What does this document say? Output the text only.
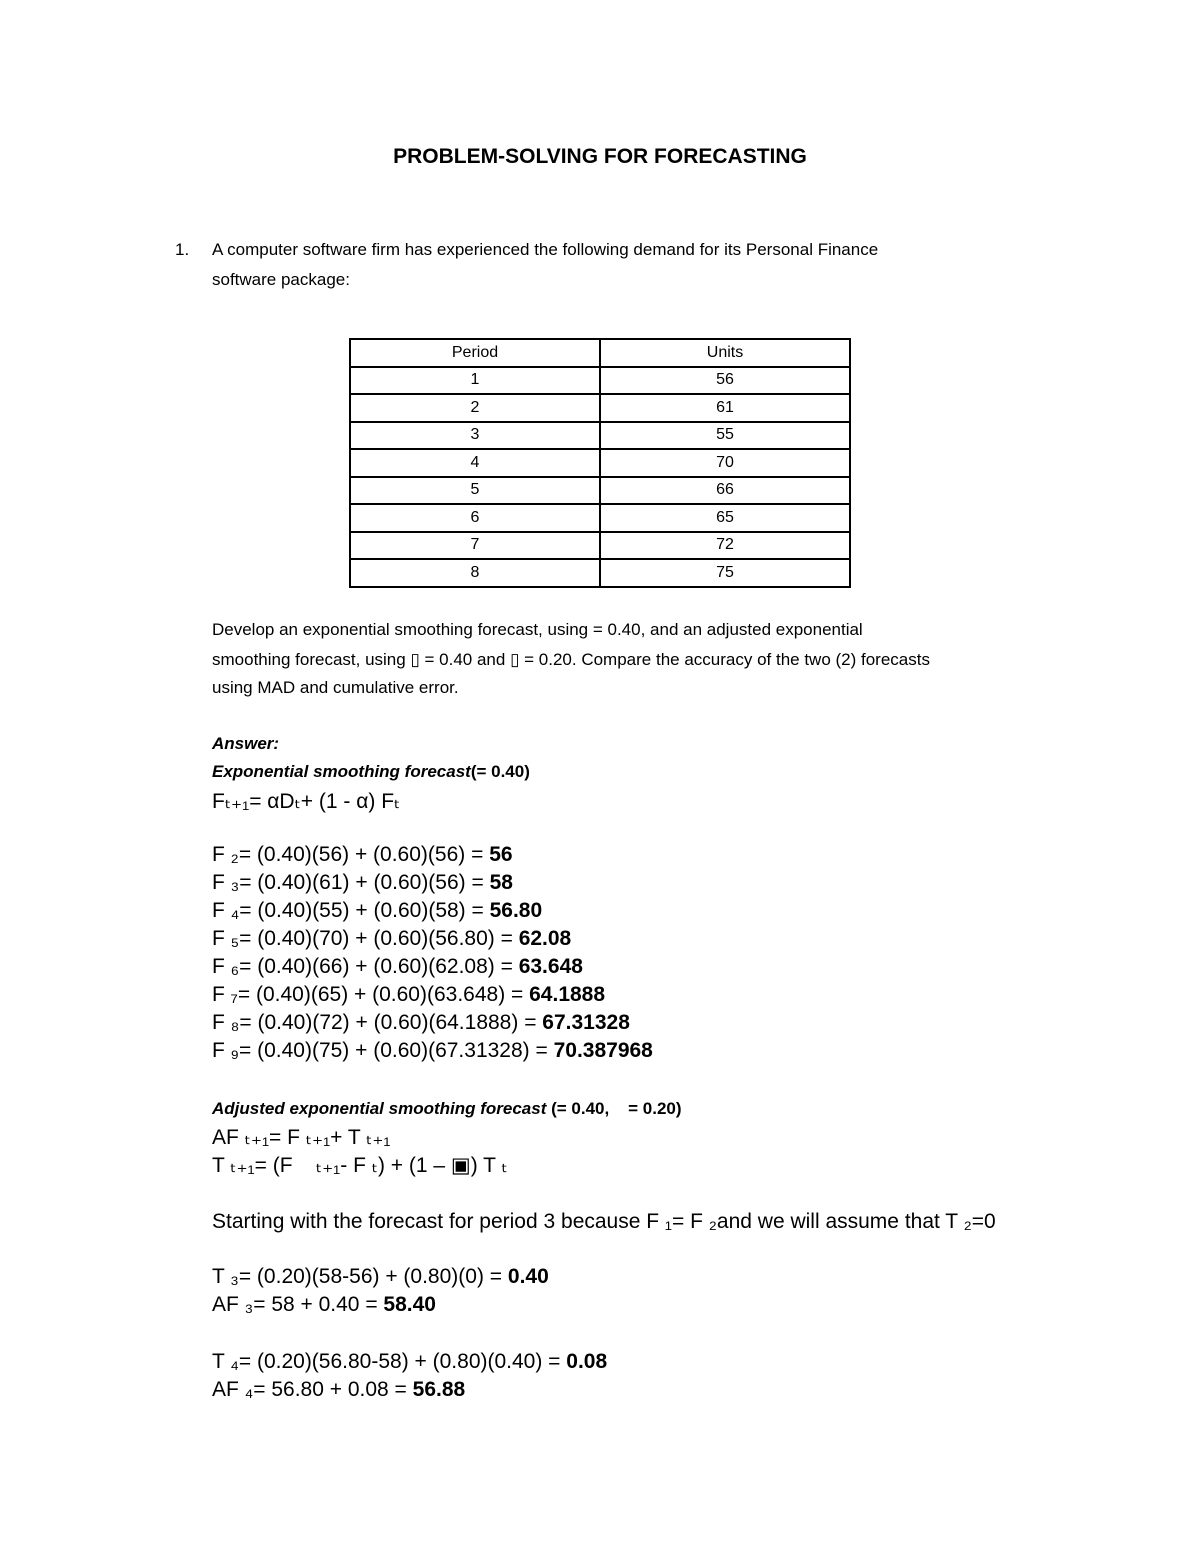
PROBLEM-SOLVING FOR FORECASTING
1. A computer software firm has experienced the following demand for its Personal Finance
software package:
Period	Units
1	56
2	61
3	55
4	70
5	66
6	65
7	72
8	75
Develop an exponential smoothing forecast, using = 0.40, and an adjusted exponential
smoothing forecast, using ▯ = 0.40 and ▯ = 0.20. Compare the accuracy of the two (2) forecasts
using MAD and cumulative error.
Answer:
Exponential smoothing forecast(= 0.40)
Fₜ₊₁= αDₜ+ (1 - α) Fₜ
F ₂= (0.40)(56) + (0.60)(56) = 56
F ₃= (0.40)(61) + (0.60)(56) = 58
F ₄= (0.40)(55) + (0.60)(58) = 56.80
F ₅= (0.40)(70) + (0.60)(56.80) = 62.08
F ₆= (0.40)(66) + (0.60)(62.08) = 63.648
F ₇= (0.40)(65) + (0.60)(63.648) = 64.1888
F ₈= (0.40)(72) + (0.60)(64.1888) = 67.31328
F ₉= (0.40)(75) + (0.60)(67.31328) = 70.387968
Adjusted exponential smoothing forecast (= 0.40,    = 0.20)
AF ₜ₊₁= F ₜ₊₁+ T ₜ₊₁
T ₜ₊₁= (F    ₜ₊₁- F ₜ) + (1 – ▣) T ₜ
Starting with the forecast for period 3 because F ₁= F ₂and we will assume that T ₂=0
T ₃= (0.20)(58-56) + (0.80)(0) = 0.40
AF ₃= 58 + 0.40 = 58.40
T ₄= (0.20)(56.80-58) + (0.80)(0.40) = 0.08
AF ₄= 56.80 + 0.08 = 56.88
